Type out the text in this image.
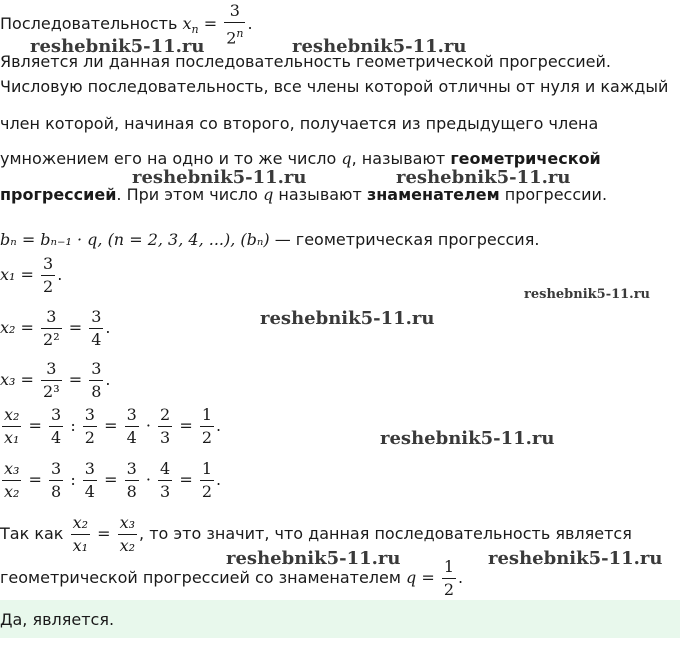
Последовательность $x_n = \frac{3}{2^n}$ .
Является ли данная последовательность геометрической прогрессией.
Числовую последовательность, все члены которой отличны от нуля и каждый
член которой, начиная со второго, получается из предыдущего члена
умножением его на одно и то же число q, называют геометрической
прогрессией. При этом число q называют знаменателем прогрессии.
bₙ = bₙ₋₁ · q, (n = 2, 3, 4, ...), (bₙ) — геометрическая прогрессия.
$x_1 = \frac{3}{2}$ .
$x_2 = \frac{3}{\text{2²}} = \frac{3}{4}$ .
$x_3 = \frac{3}{\text{2³}} = \frac{3}{8}$ .
$\frac{\text{x₂}}{\text{x₁}} = \frac{3}{4}$ : $\frac{3}{2} = \frac{3}{4} \cdot \frac{2}{3} = \frac{1}{2}$ .
$\frac{\text{x₃}}{\text{x₂}} = \frac{3}{8}$ : $\frac{3}{4} = \frac{3}{8} \cdot \frac{4}{3} = \frac{1}{2}$ .
Так как $\frac{\text{x₂}}{\text{x₁}} = \frac{\text{x₃}}{\text{x₂}}$ , то это значит, что данная последовательность является
геометрической прогрессией со знаменателем $q = \frac{1}{2}$ .
Да, является.
reshebnik5-11.ru	reshebnik5-11.ru
reshebnik5-11.ru	reshebnik5-11.ru
reshebnik5-11.ru
reshebnik5-11.ru
reshebnik5-11.ru
reshebnik5-11.ru	reshebnik5-11.ru
